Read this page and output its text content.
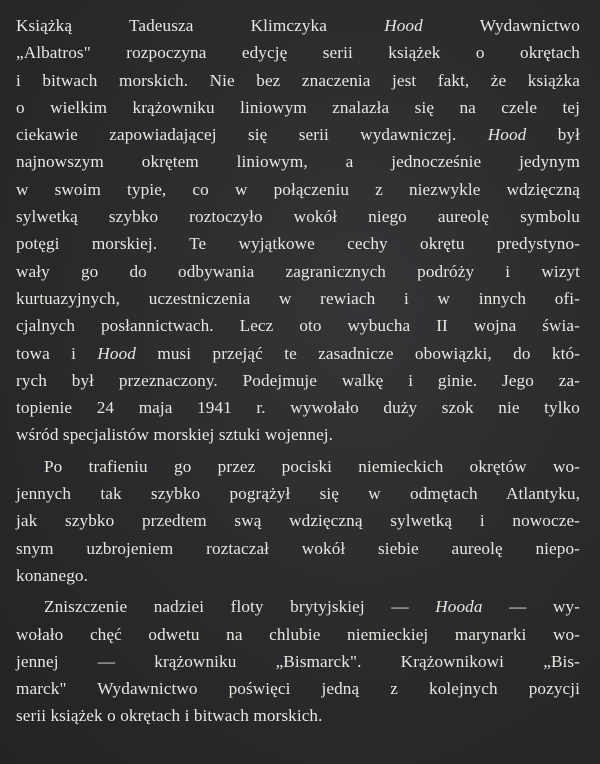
Książką Tadeusza Klimczyka Hood Wydawnictwo
„Albatros" rozpoczyna edycję serii książek o okrętach
i bitwach morskich. Nie bez znaczenia jest fakt, że książka
o wielkim krążowniku liniowym znalazła się na czele tej
ciekawie zapowiadającej się serii wydawniczej. Hood był
najnowszym okrętem liniowym, a jednocześnie jedynym
w swoim typie, co w połączeniu z niezwykle wdzięczną
sylwetką szybko roztoczyło wokół niego aureolę symbolu
potęgi morskiej. Te wyjątkowe cechy okrętu predystyno-
wały go do odbywania zagranicznych podróży i wizyt
kurtuazyjnych, uczestniczenia w rewiach i w innych ofi-
cjalnych posłannictwach. Lecz oto wybucha II wojna świa-
towa i Hood musi przejąć te zasadnicze obowiązki, do któ-
rych był przeznaczony. Podejmuje walkę i ginie. Jego za-
topienie 24 maja 1941 r. wywołało duży szok nie tylko
wśród specjalistów morskiej sztuki wojennej.

Po trafieniu go przez pociski niemieckich okrętów wo-
jennych tak szybko pogrążył się w odmętach Atlantyku,
jak szybko przedtem swą wdzięczną sylwetką i nowocze-
snym uzbrojeniem roztaczał wokół siebie aureolę niepo-
konanego.

Zniszczenie nadziei floty brytyjskiej — Hooda — wy-
wołało chęć odwetu na chlubie niemieckiej marynarki wo-
jennej — krążowniku „Bismarck". Krążownikowi „Bis-
marck" Wydawnictwo poświęci jedną z kolejnych pozycji
serii książek o okrętach i bitwach morskich.
